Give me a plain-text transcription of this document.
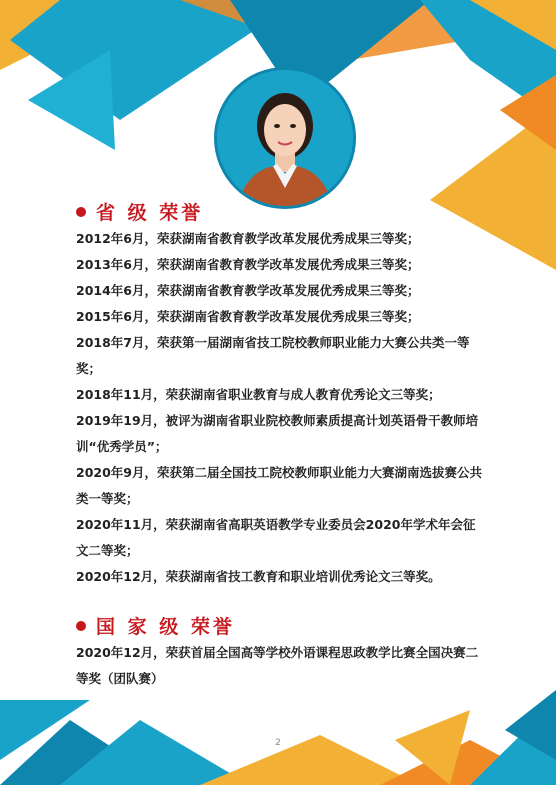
省 级 荣誉

2012年6月，荣获湖南省教育教学改革发展优秀成果三等奖；

2013年6月，荣获湖南省教育教学改革发展优秀成果三等奖；

2014年6月，荣获湖南省教育教学改革发展优秀成果三等奖；

2015年6月，荣获湖南省教育教学改革发展优秀成果三等奖；

2018年7月，荣获第一届湖南省技工院校教师职业能力大赛公共类一等奖；

2018年11月，荣获湖南省职业教育与成人教育优秀论文三等奖；

2019年19月，被评为湖南省职业院校教师素质提高计划英语骨干教师培训“优秀学员”；

2020年9月，荣获第二届全国技工院校教师职业能力大赛湖南选拔赛公共类一等奖；

2020年11月，荣获湖南省高职英语教学专业委员会2020年学术年会征文二等奖；

2020年12月，荣获湖南省技工教育和职业培训优秀论文三等奖。

国 家 级 荣誉

2020年12月，荣获首届全国高等学校外语课程思政教学比赛全国决赛二等奖（团队赛）

2
